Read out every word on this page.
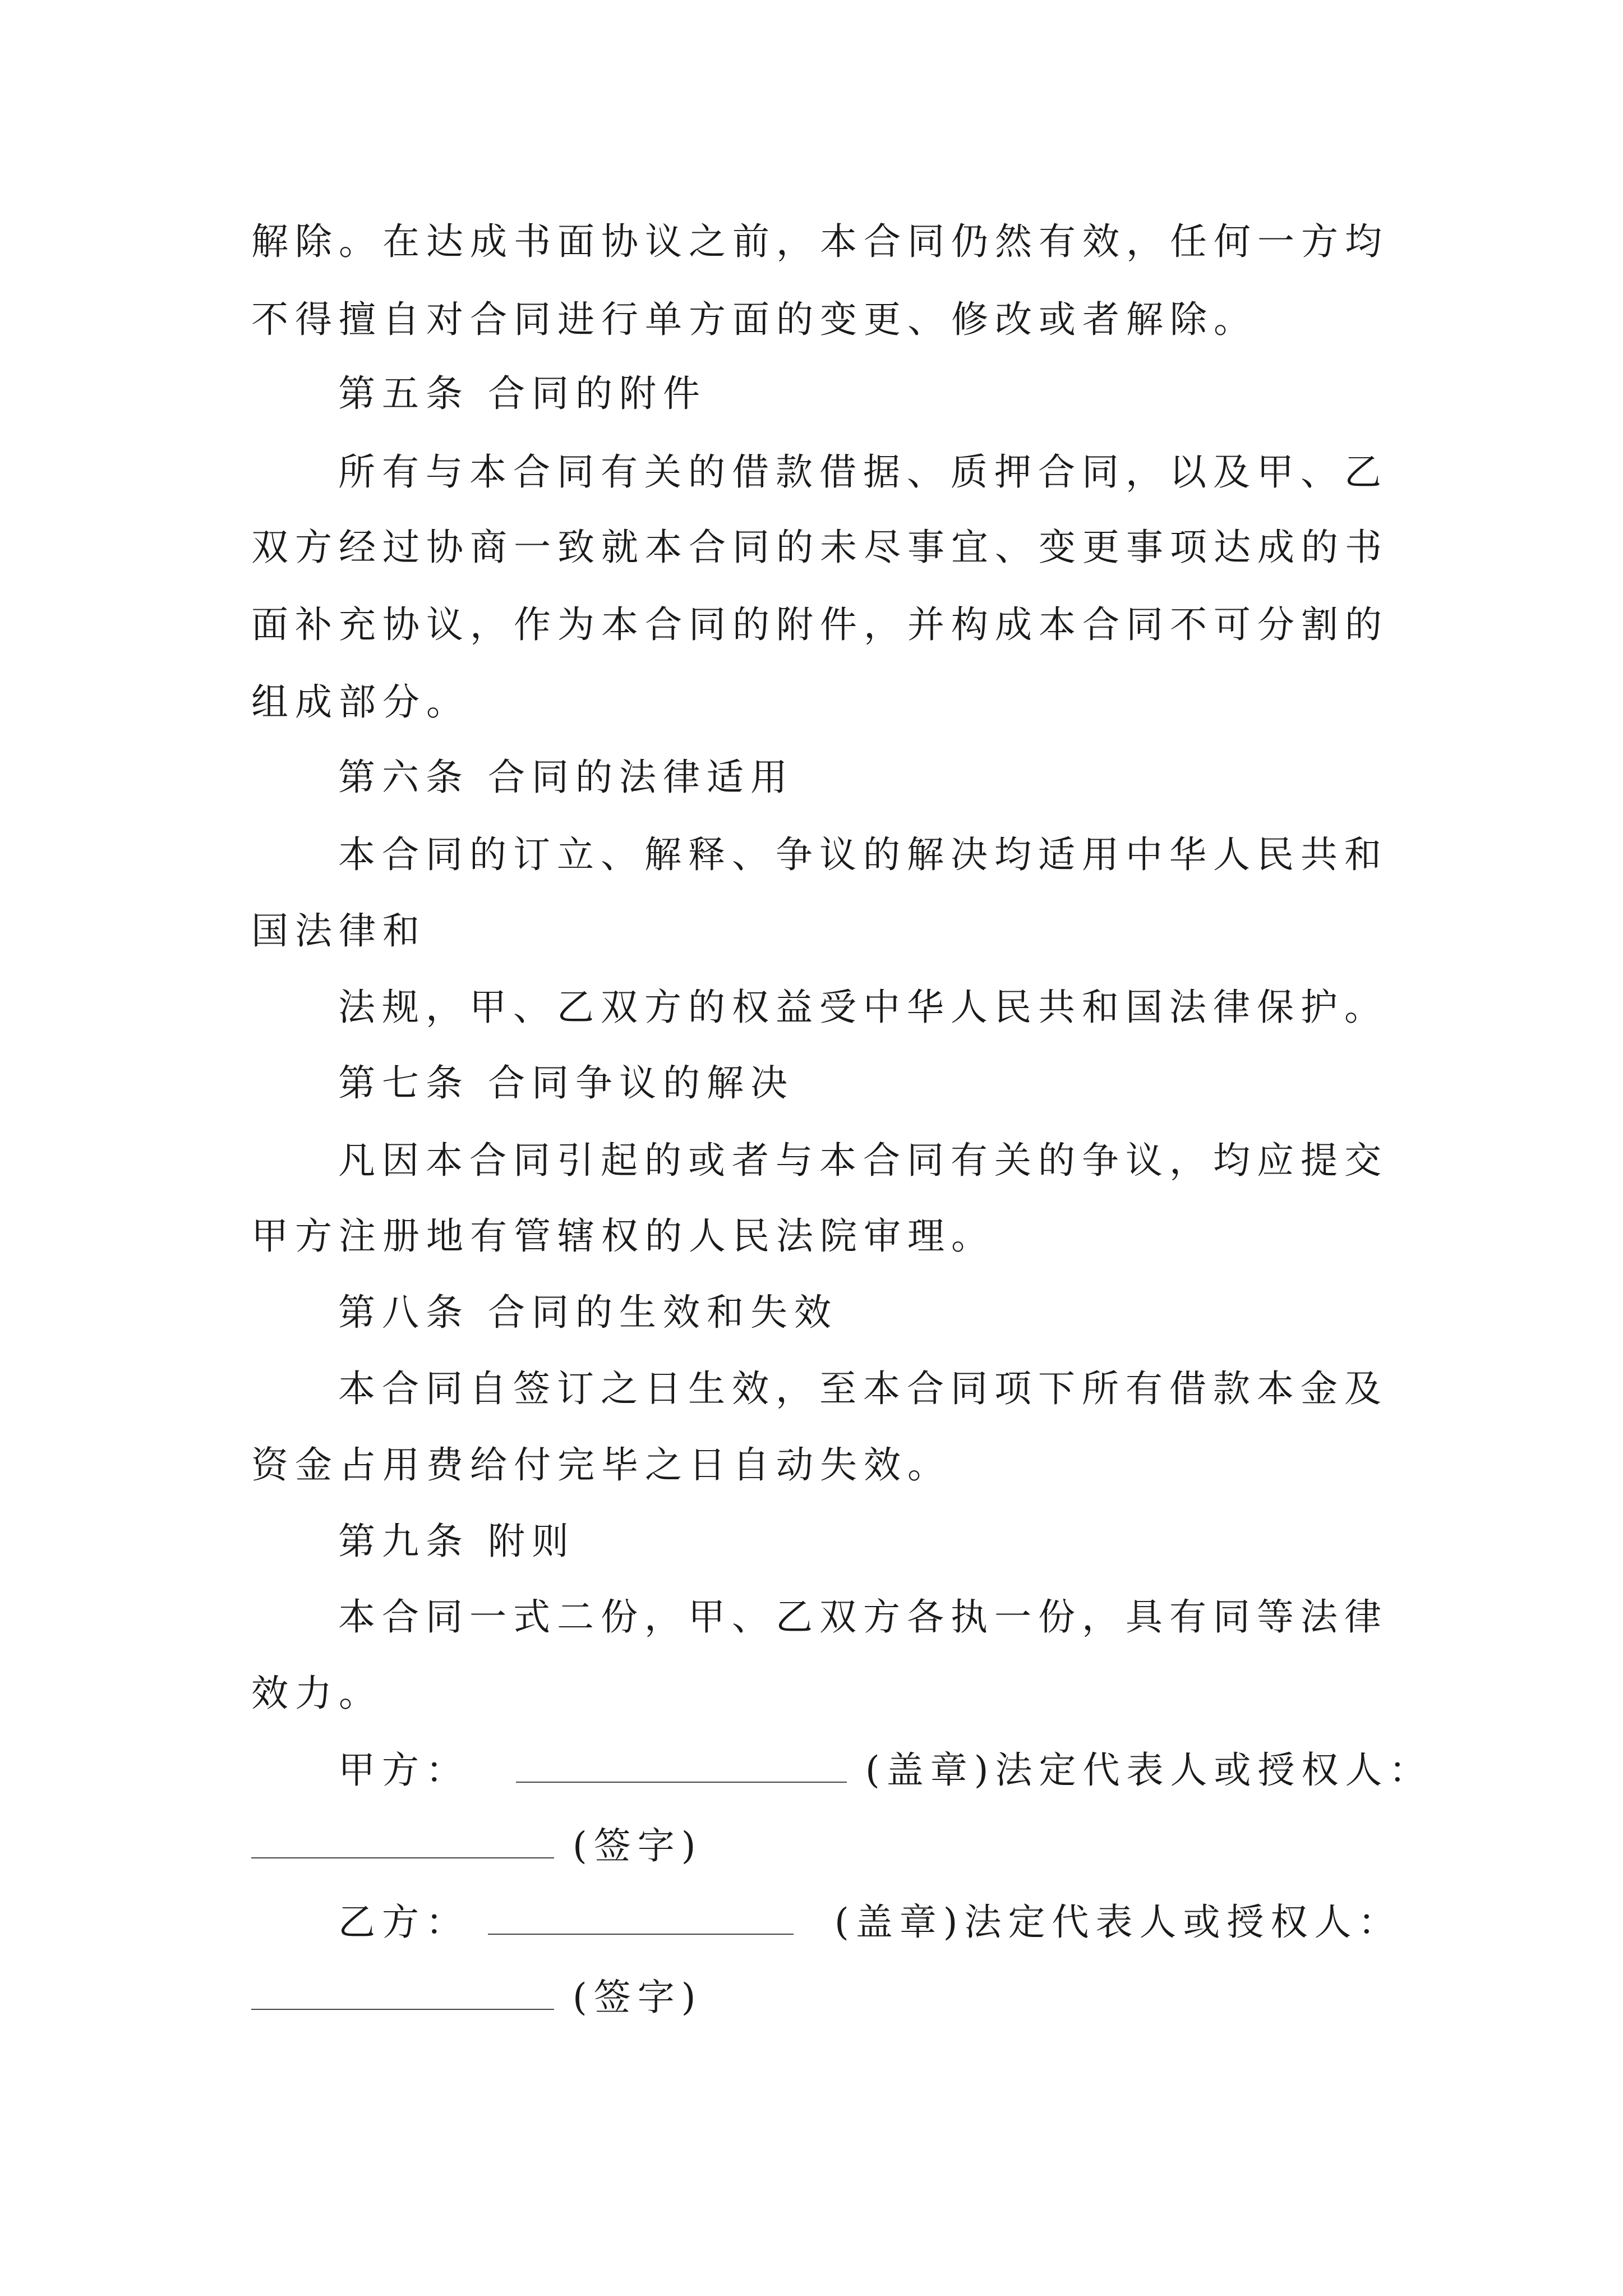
解除。在达成书面协议之前，本合同仍然有效，任何一方均
不得擅自对合同进行单方面的变更、修改或者解除。
第五条 合同的附件
所有与本合同有关的借款借据、质押合同，以及甲、乙
双方经过协商一致就本合同的未尽事宜、变更事项达成的书
面补充协议，作为本合同的附件，并构成本合同不可分割的
组成部分。
第六条 合同的法律适用
本合同的订立、解释、争议的解决均适用中华人民共和
国法律和
法规，甲、乙双方的权益受中华人民共和国法律保护。
第七条 合同争议的解决
凡因本合同引起的或者与本合同有关的争议，均应提交
甲方注册地有管辖权的人民法院审理。
第八条 合同的生效和失效
本合同自签订之日生效，至本合同项下所有借款本金及
资金占用费给付完毕之日自动失效。
第九条 附则
本合同一式二份，甲、乙双方各执一份，具有同等法律
效力。
甲方：	(盖章)法定代表人或授权人：
(签字)
乙方：	(盖章)法定代表人或授权人：
(签字)
